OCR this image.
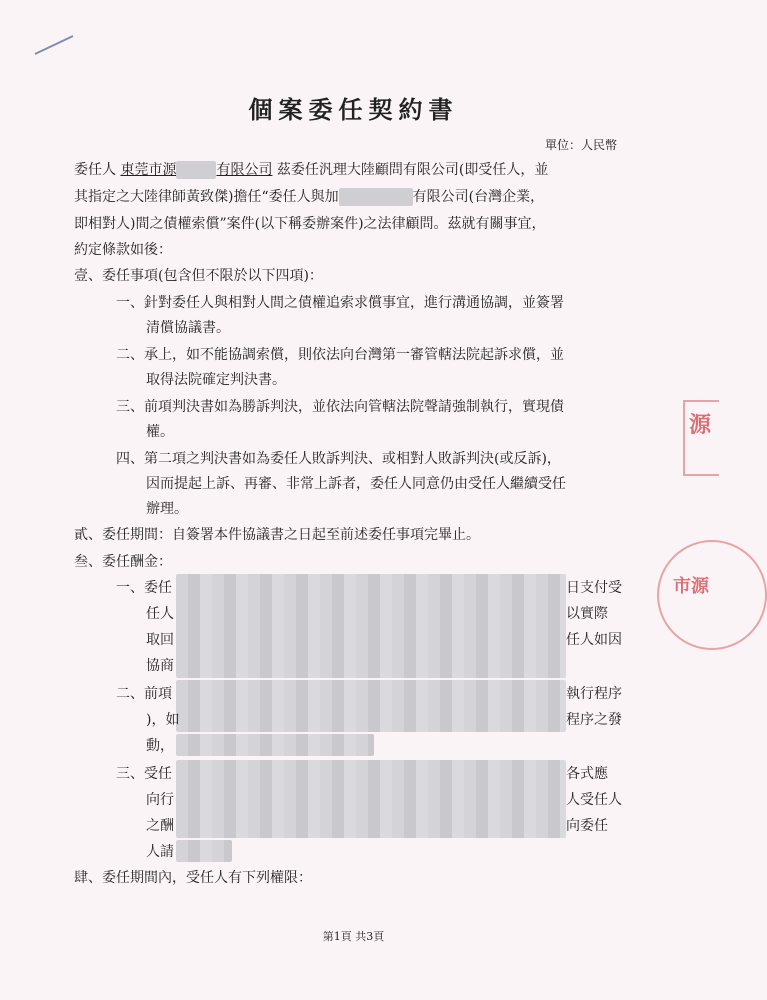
個案委任契約書
單位：人民幣
委任人 東莞市源	有限公司 茲委任汎理大陸顧問有限公司(即受任人，並
其指定之大陸律師黃致傑)擔任“委任人與加	有限公司(台灣企業，
即相對人)間之債權索償”案件(以下稱委辦案件)之法律顧問。茲就有關事宜，
約定條款如後：
壹、委任事項(包含但不限於以下四項)：
一、針對委任人與相對人間之債權追索求償事宜，進行溝通協調，並簽署
清償協議書。
二、承上，如不能協調索償，則依法向台灣第一審管轄法院起訴求償，並
取得法院確定判決書。
三、前項判決書如為勝訴判決，並依法向管轄法院聲請強制執行，實現債
權。
四、第二項之判決書如為委任人敗訴判決、或相對人敗訴判決(或反訴)，
因而提起上訴、再審、非常上訴者，委任人同意仍由受任人繼續受任
辦理。
貳、委任期間：自簽署本件協議書之日起至前述委任事項完畢止。
叁、委任酬金：
一、委任	日支付受
任人	以實際
取回	任人如因
協商
二、前項	執行程序
)，如	程序之發
動，
三、受任	各式應
向行	人受任人
之酬	向委任
人請
肆、委任期間內，受任人有下列權限：
源
市源
第1頁 共3頁
